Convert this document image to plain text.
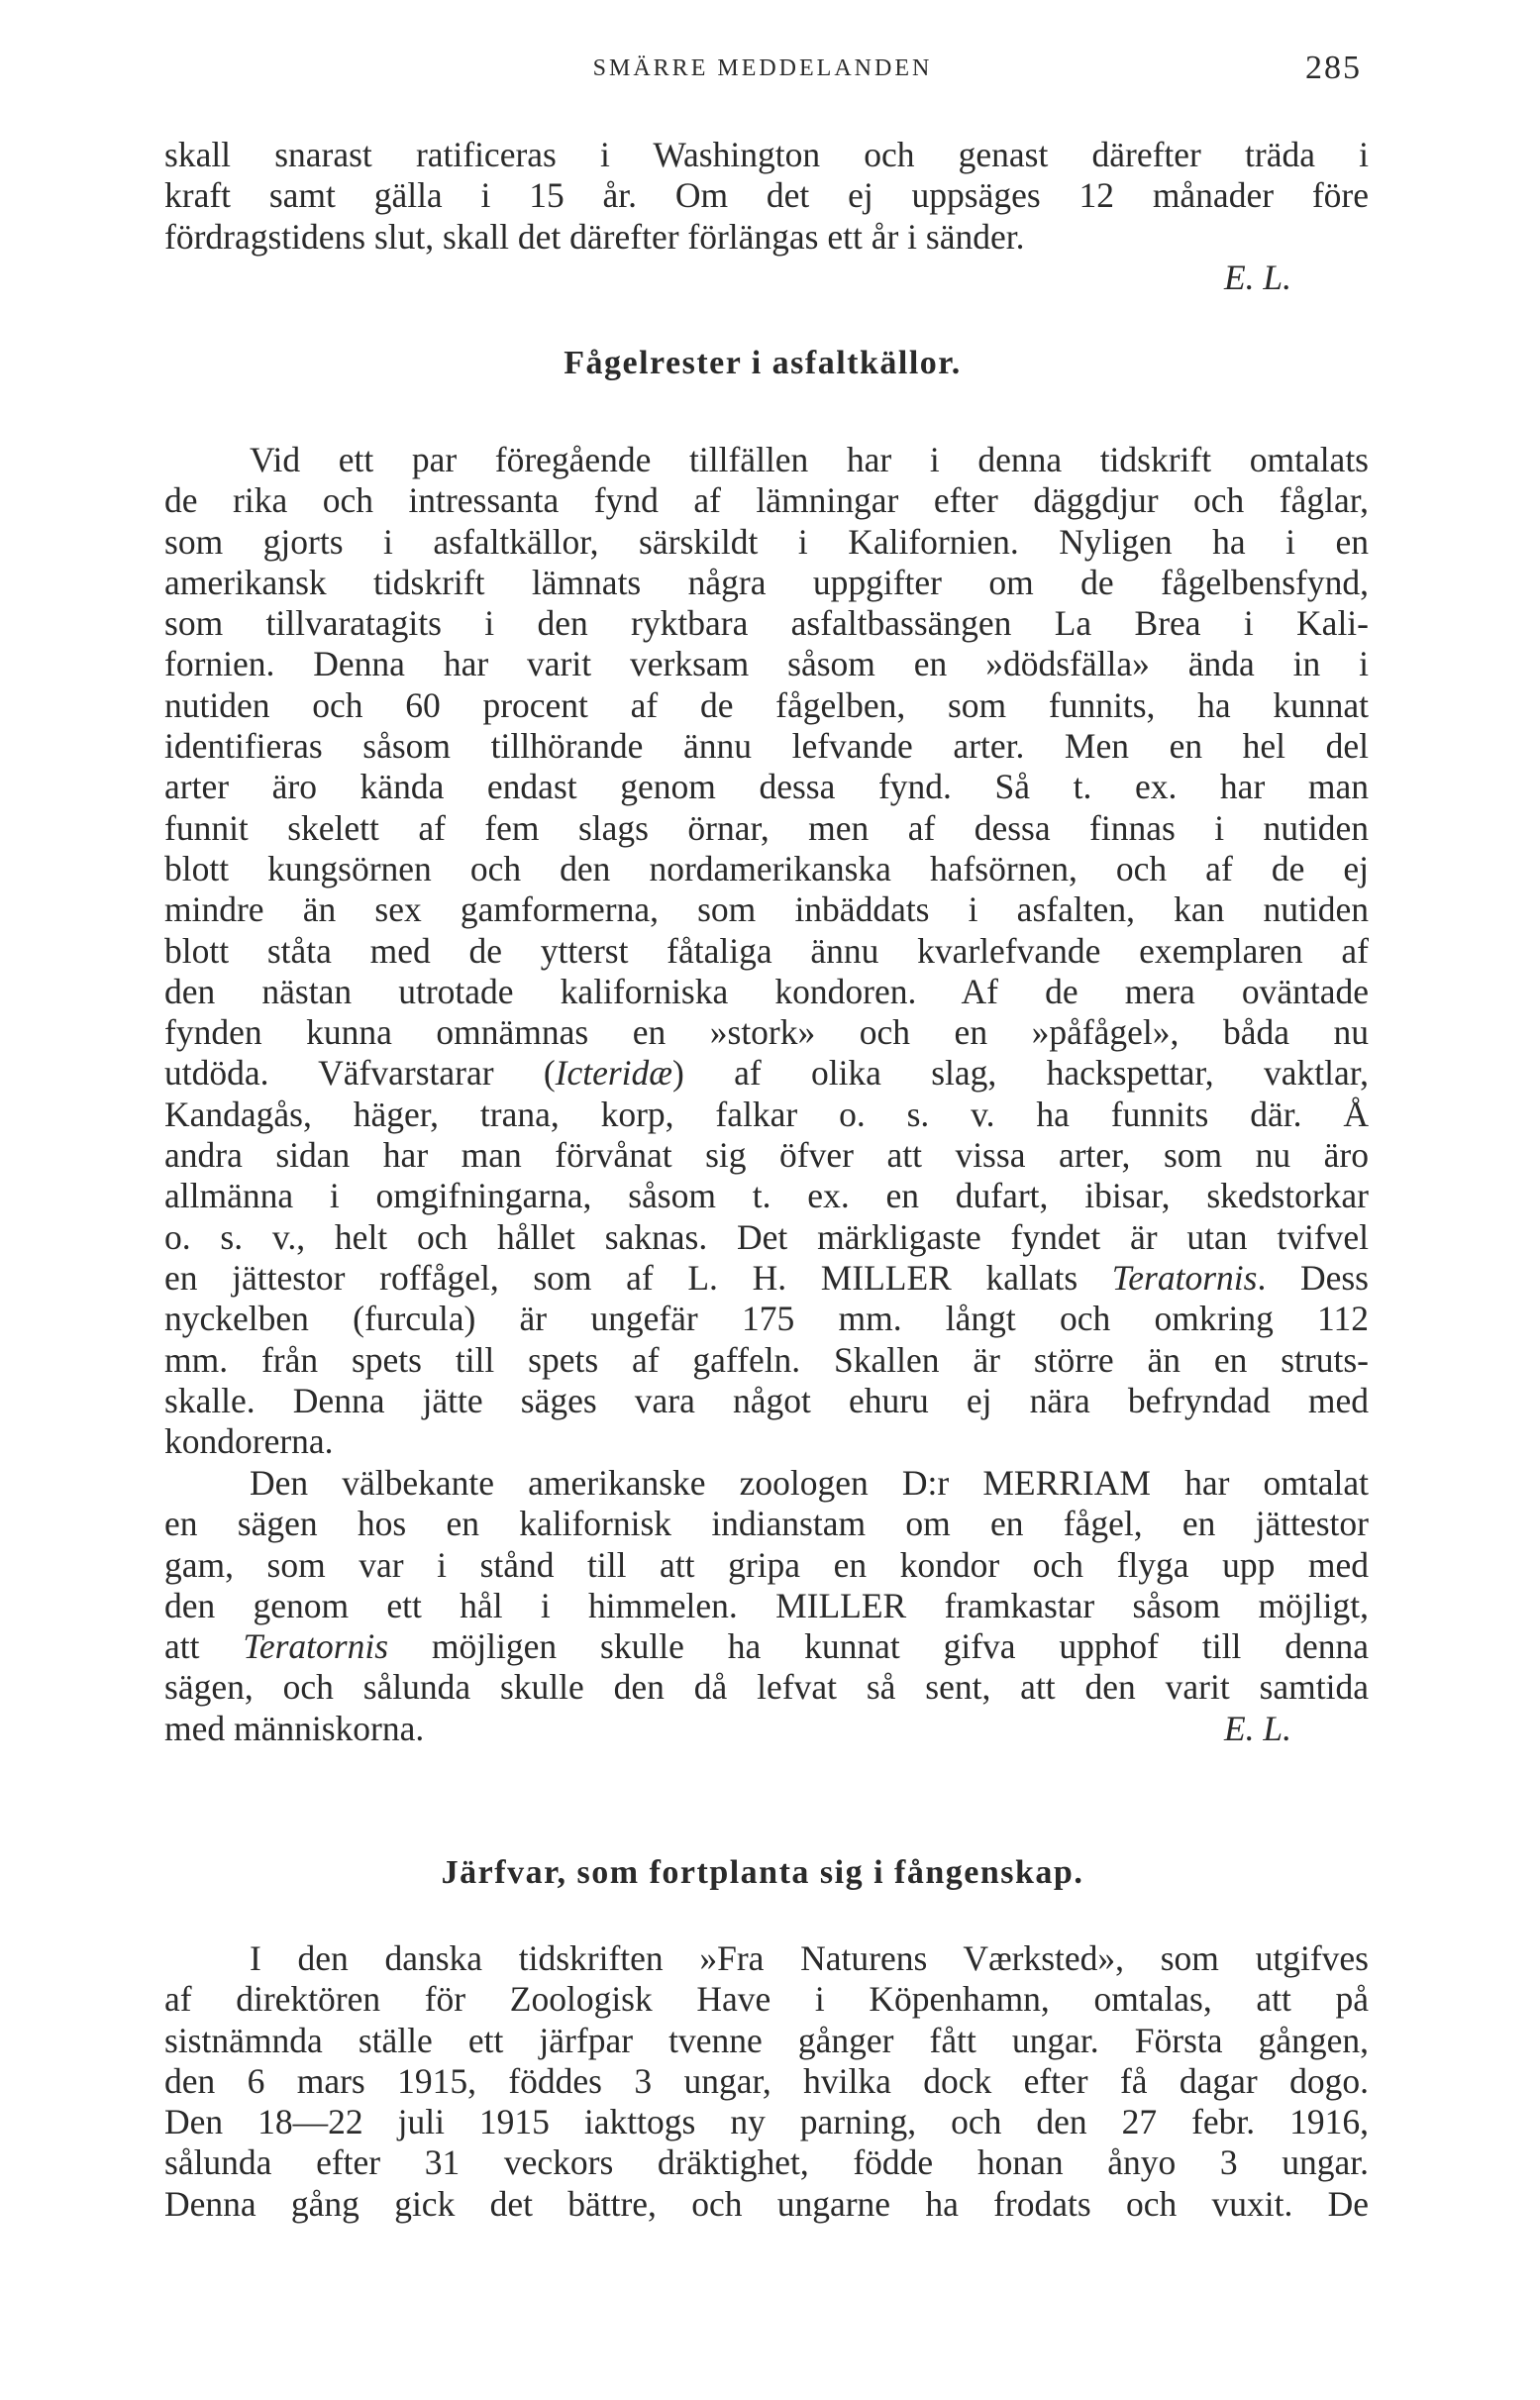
SMÄRRE MEDDELANDEN	285
skall snarast ratificeras i Washington och genast därefter träda i
kraft samt gälla i 15 år. Om det ej uppsäges 12 månader före
fördragstidens slut, skall det därefter förlängas ett år i sänder.
E. L.
Fågelrester i asfaltkällor.
Vid ett par föregående tillfällen har i denna tidskrift omtalats
de rika och intressanta fynd af lämningar efter däggdjur och fåglar,
som gjorts i asfaltkällor, särskildt i Kalifornien. Nyligen ha i en
amerikansk tidskrift lämnats några uppgifter om de fågelbensfynd,
som tillvaratagits i den ryktbara asfaltbassängen La Brea i Kali-
fornien. Denna har varit verksam såsom en »dödsfälla» ända in i
nutiden och 60 procent af de fågelben, som funnits, ha kunnat
identifieras såsom tillhörande ännu lefvande arter. Men en hel del
arter äro kända endast genom dessa fynd. Så t. ex. har man
funnit skelett af fem slags örnar, men af dessa finnas i nutiden
blott kungsörnen och den nordamerikanska hafsörnen, och af de ej
mindre än sex gamformerna, som inbäddats i asfalten, kan nutiden
blott ståta med de ytterst fåtaliga ännu kvarlefvande exemplaren af
den nästan utrotade kaliforniska kondoren. Af de mera oväntade
fynden kunna omnämnas en »stork» och en »påfågel», båda nu
utdöda. Väfvarstarar (Icteridæ) af olika slag, hackspettar, vaktlar,
Kandagås, häger, trana, korp, falkar o. s. v. ha funnits där. Å
andra sidan har man förvånat sig öfver att vissa arter, som nu äro
allmänna i omgifningarna, såsom t. ex. en dufart, ibisar, skedstorkar
o. s. v., helt och hållet saknas. Det märkligaste fyndet är utan tvifvel
en jättestor roffågel, som af L. H. MILLER kallats Teratornis. Dess
nyckelben (furcula) är ungefär 175 mm. långt och omkring 112
mm. från spets till spets af gaffeln. Skallen är större än en struts-
skalle. Denna jätte säges vara något ehuru ej nära befryndad med
kondorerna.
Den välbekante amerikanske zoologen D:r MERRIAM har omtalat
en sägen hos en kalifornisk indianstam om en fågel, en jättestor
gam, som var i stånd till att gripa en kondor och flyga upp med
den genom ett hål i himmelen. MILLER framkastar såsom möjligt,
att Teratornis möjligen skulle ha kunnat gifva upphof till denna
sägen, och sålunda skulle den då lefvat så sent, att den varit samtida
med människorna.	E. L.
Järfvar, som fortplanta sig i fångenskap.
I den danska tidskriften »Fra Naturens Værksted», som utgifves
af direktören för Zoologisk Have i Köpenhamn, omtalas, att på
sistnämnda ställe ett järfpar tvenne gånger fått ungar. Första gången,
den 6 mars 1915, föddes 3 ungar, hvilka dock efter få dagar dogo.
Den 18—22 juli 1915 iakttogs ny parning, och den 27 febr. 1916,
sålunda efter 31 veckors dräktighet, födde honan ånyo 3 ungar.
Denna gång gick det bättre, och ungarne ha frodats och vuxit. De
